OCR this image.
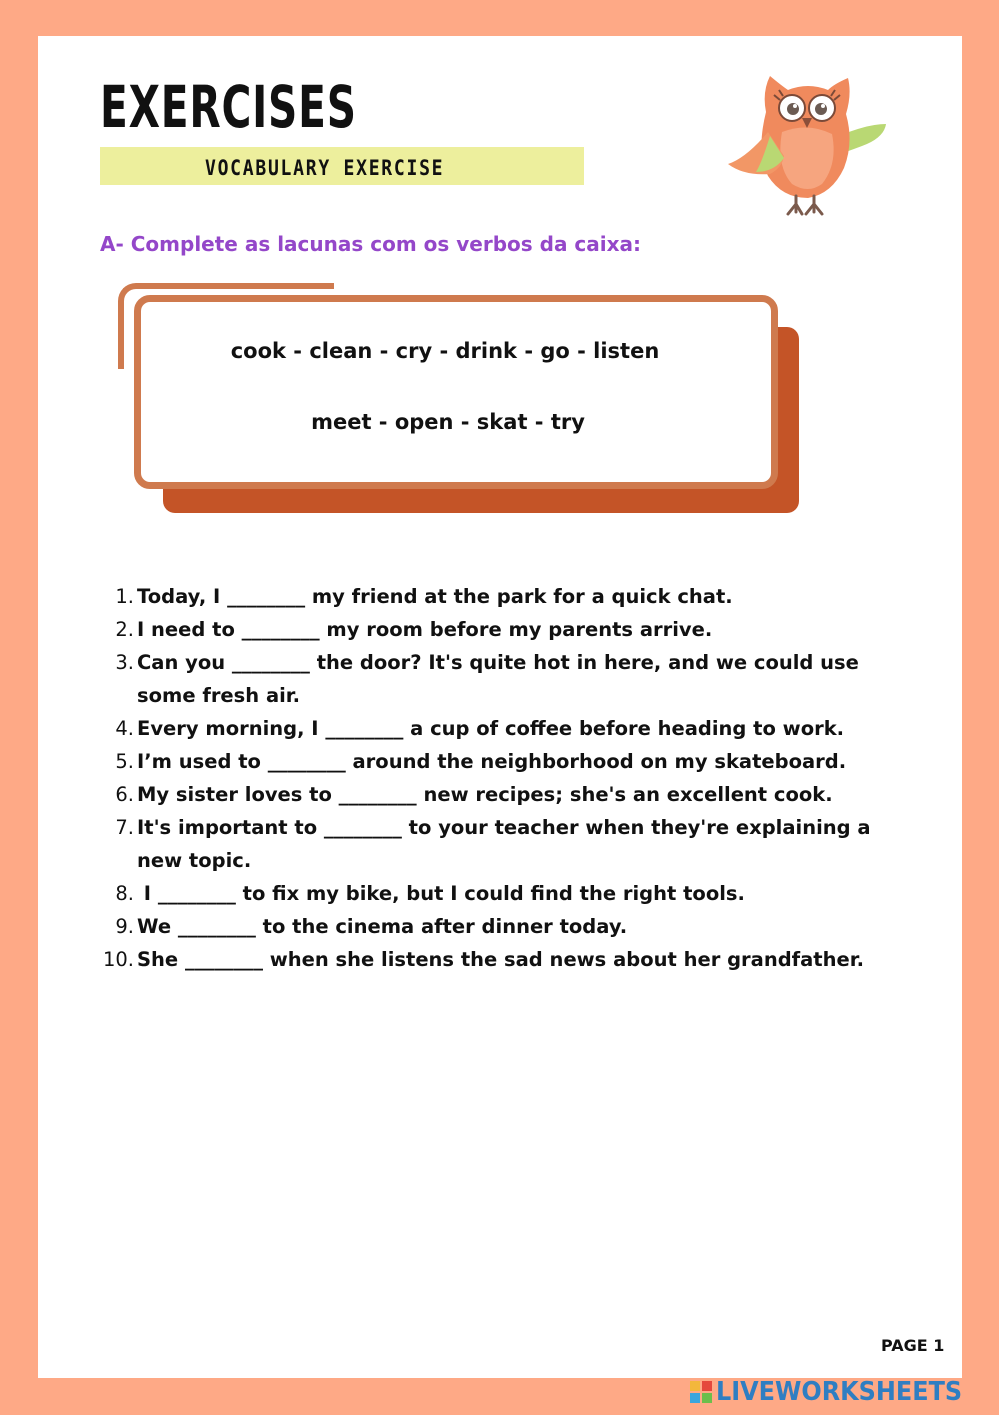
EXERCISES
VOCABULARY EXERCISE
A- Complete as lacunas com os verbos da caixa:
cook - clean - cry - drink - go - listen
meet - open - skat - try
1. Today, I ________ my friend at the park for a quick chat.
2. I need to ________ my room before my parents arrive.
3. Can you ________ the door? It's quite hot in here, and we could use some fresh air.
4. Every morning, I ________ a cup of coffee before heading to work.
5. I’m used to ________ around the neighborhood on my skateboard.
6. My sister loves to ________ new recipes; she's an excellent cook.
7. It's important to ________ to your teacher when they're explaining a new topic.
8. I ________ to fix my bike, but I could find the right tools.
9. We ________ to the cinema after dinner today.
10. She ________ when she listens the sad news about her grandfather.
PAGE 1
LIVEWORKSHEETS
